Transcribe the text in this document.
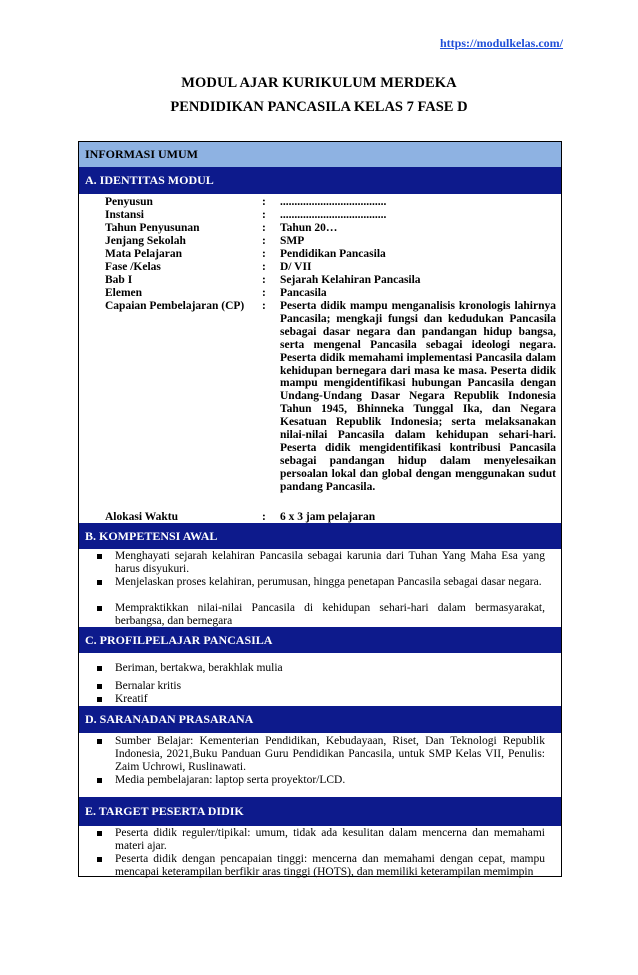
https://modulkelas.com/
MODUL AJAR KURIKULUM MERDEKA
PENDIDIKAN PANCASILA KELAS 7 FASE D
INFORMASI UMUM
A. IDENTITAS MODUL
Penyusun	: .....................................
Instansi	: .....................................
Tahun Penyusunan	: Tahun 20…
Jenjang Sekolah	: SMP
Mata Pelajaran	: Pendidikan Pancasila
Fase /Kelas	: D/ VII
Bab I	: Sejarah Kelahiran Pancasila
Elemen	: Pancasila
Capaian Pembelajaran (CP)	: Peserta didik mampu menganalisis kronologis lahirnya Pancasila; mengkaji fungsi dan kedudukan Pancasila sebagai dasar negara dan pandangan hidup bangsa, serta mengenal Pancasila sebagai ideologi negara. Peserta didik memahami implementasi Pancasila dalam kehidupan bernegara dari masa ke masa. Peserta didik mampu mengidentifikasi hubungan Pancasila dengan Undang-Undang Dasar Negara Republik Indonesia Tahun 1945, Bhinneka Tunggal Ika, dan Negara Kesatuan Republik Indonesia; serta melaksanakan nilai-nilai Pancasila dalam kehidupan sehari-hari. Peserta didik mengidentifikasi kontribusi Pancasila sebagai pandangan hidup dalam menyelesaikan persoalan lokal dan global dengan menggunakan sudut pandang Pancasila.
Alokasi Waktu	: 6 x 3 jam pelajaran
B. KOMPETENSI AWAL
Menghayati sejarah kelahiran Pancasila sebagai karunia dari Tuhan Yang Maha Esa yang harus disyukuri.
Menjelaskan proses kelahiran, perumusan, hingga penetapan Pancasila sebagai dasar negara.
Mempraktikkan nilai-nilai Pancasila di kehidupan sehari-hari dalam bermasyarakat, berbangsa, dan bernegara
C. PROFILPELAJAR PANCASILA
Beriman, bertakwa, berakhlak mulia
Bernalar kritis
Kreatif
D. SARANADAN PRASARANA
Sumber Belajar: Kementerian Pendidikan, Kebudayaan, Riset, Dan Teknologi Republik Indonesia, 2021,Buku Panduan Guru Pendidikan Pancasila, untuk SMP Kelas VII, Penulis: Zaim Uchrowi, Ruslinawati.
Media pembelajaran: laptop serta proyektor/LCD.
E. TARGET PESERTA DIDIK
Peserta didik reguler/tipikal: umum, tidak ada kesulitan dalam mencerna dan memahami materi ajar.
Peserta didik dengan pencapaian tinggi: mencerna dan memahami dengan cepat, mampu mencapai keterampilan berfikir aras tinggi (HOTS), dan memiliki keterampilan memimpin
